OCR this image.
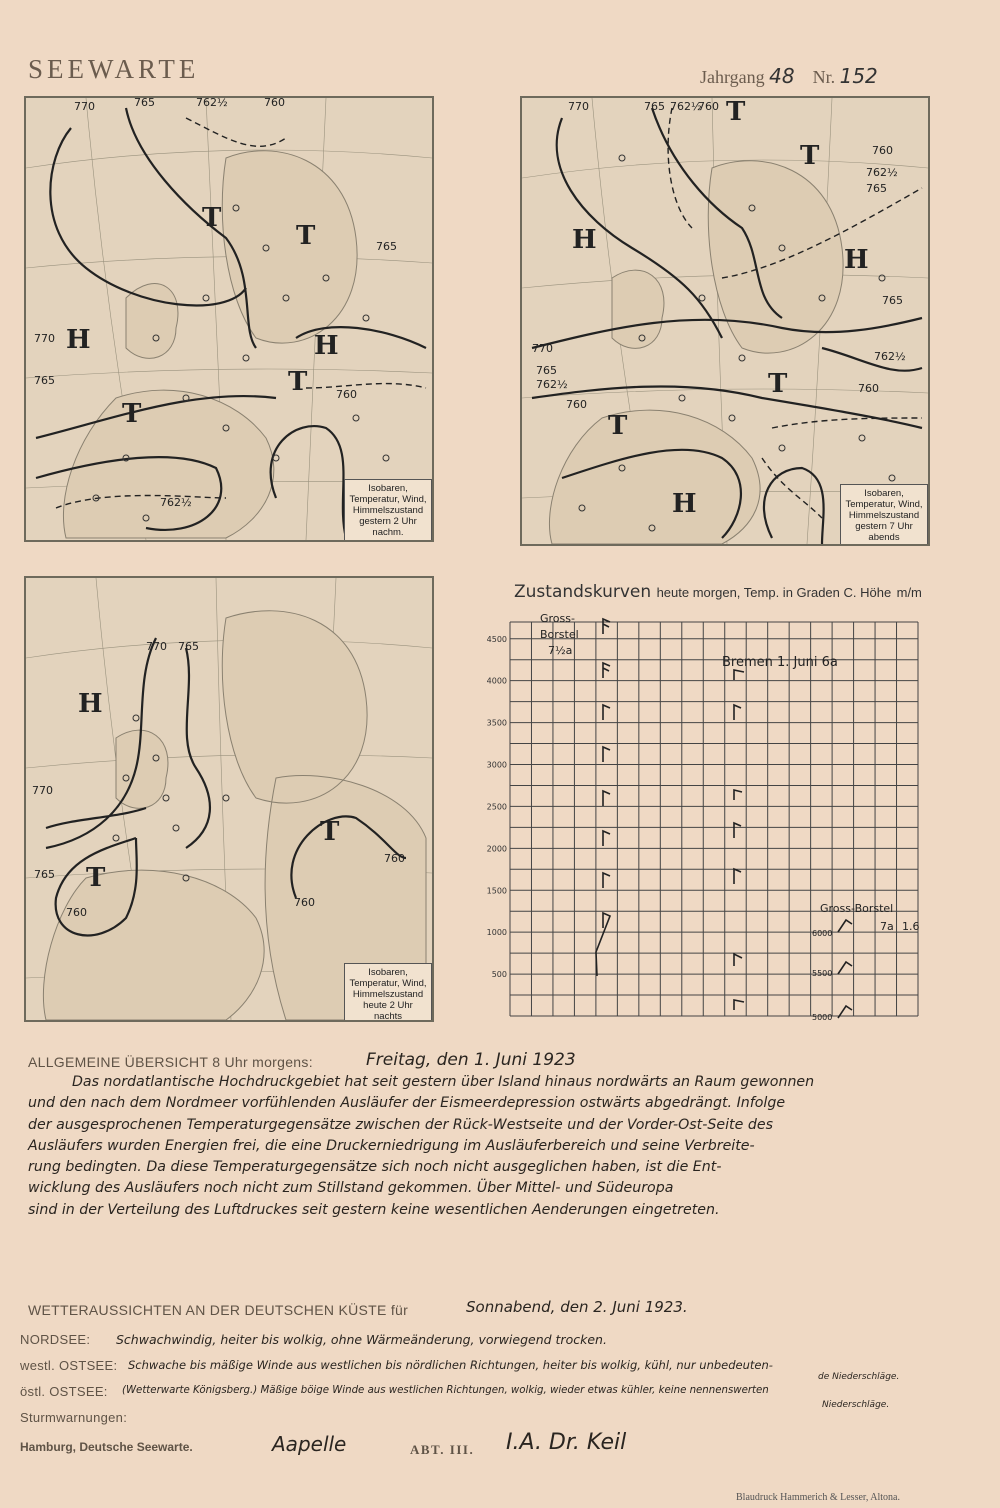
SEEWARTE	Jahrgang 48 Nr. 152
H	H
T
T
T
T
770	765	762½	760
765
760
770
765
762½
Isobaren,
Temperatur, Wind,
Himmelszustand
gestern 2 Uhr nachm.
H
H
H
T
T
T
T
770	765 762½
760
760
765
762½
770
765
762½
760
760
762½
765
Isobaren,
Temperatur, Wind,
Himmelszustand
gestern 7 Uhr abends
H
T
T
770 765
770
765
760
760
760
Isobaren,
Temperatur, Wind,
Himmelszustand
heute 2 Uhr nachts
Zustandskurven heute morgen, Temp. in Graden C. Höhe m/m
500
1000
1500
2000
2500
3000
3500
4000
4500
Gross-
Borstel
7½a
Bremen 1. Juni 6a
Gross-Borstel
7a 1.6
6000
5500
5000
ALLGEMEINE ÜBERSICHT 8 Uhr morgens:	Freitag, den 1. Juni 1923
Das nordatlantische Hochdruckgebiet hat seit gestern über Island hinaus nordwärts an Raum gewonnen
und den nach dem Nordmeer vorfühlenden Ausläufer der Eismeerdepression ostwärts abgedrängt. Infolge
der ausgesprochenen Temperaturgegensätze zwischen der Rück-Westseite und der Vorder-Ost-Seite des
Ausläufers wurden Energien frei, die eine Druckerniedrigung im Ausläuferbereich und seine Verbreite-
rung bedingten. Da diese Temperaturgegensätze sich noch nicht ausgeglichen haben, ist die Ent-
wicklung des Ausläufers noch nicht zum Stillstand gekommen. Über Mittel- und Südeuropa
sind in der Verteilung des Luftdruckes seit gestern keine wesentlichen Aenderungen eingetreten.
WETTERAUSSICHTEN AN DER DEUTSCHEN KÜSTE für	Sonnabend, den 2. Juni 1923.
NORDSEE: Schwachwindig, heiter bis wolkig, ohne Wärmeänderung, vorwiegend trocken.
westl. OSTSEE: Schwache bis mäßige Winde aus westlichen bis nördlichen Richtungen, heiter bis wolkig, kühl, nur unbedeuten-
de Niederschläge.
östl. OSTSEE: (Wetterwarte Königsberg.) Mäßige böige Winde aus westlichen Richtungen, wolkig, wieder etwas kühler, keine nennenswerten
Niederschläge.
Sturmwarnungen:
Hamburg, Deutsche Seewarte.	Aapelle	ABT. III. I.A. Dr. Keil
Blaudruck Hammerich & Lesser, Altona.
